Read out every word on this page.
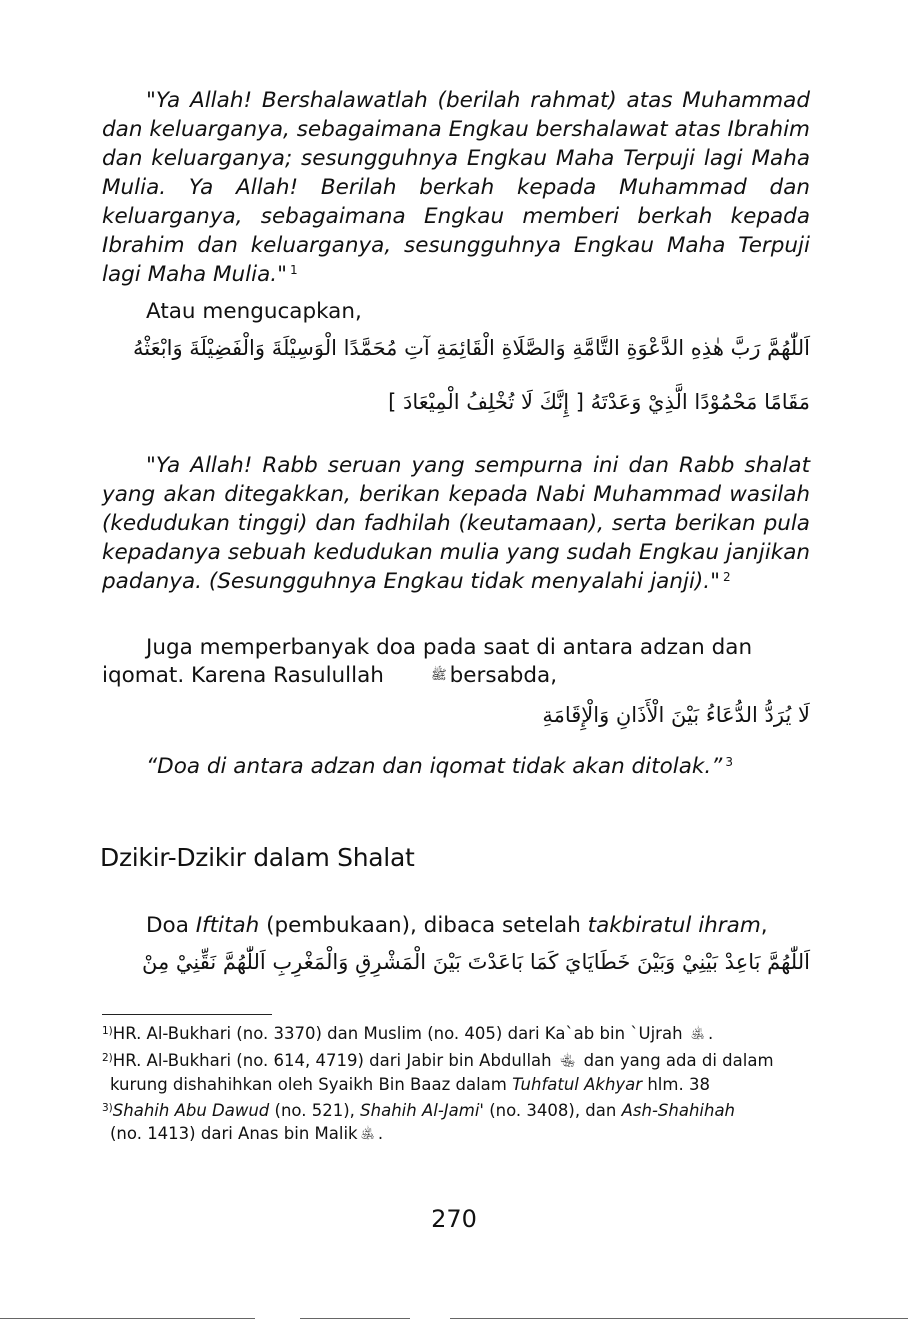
"Ya Allah! Bershalawatlah (berilah rahmat) atas Muhammad dan keluarganya, sebagaimana Engkau bershalawat atas Ibrahim dan keluarganya; sesungguhnya Engkau Maha Terpuji lagi Maha Mulia. Ya Allah! Berilah berkah kepada Muhammad dan keluarganya, sebagaimana Engkau memberi berkah kepada Ibrahim dan keluarganya, sesungguhnya Engkau Maha Terpuji lagi Maha Mulia." $^1$

Atau mengucapkan,

اَللّٰهُمَّ رَبَّ هٰذِهِ الدَّعْوَةِ التَّامَّةِ وَالصَّلَاةِ الْقَائِمَةِ آتِ مُحَمَّدًا الْوَسِيْلَةَ وَالْفَضِيْلَةَ وَابْعَثْهُ
مَقَامًا مَحْمُوْدًا الَّذِيْ وَعَدْتَهُ [ إِنَّكَ لَا تُخْلِفُ الْمِيْعَادَ ]

"Ya Allah! Rabb seruan yang sempurna ini dan Rabb shalat yang akan ditegakkan, berikan kepada Nabi Muhammad wasilah (kedudukan tinggi) dan fadhilah (keutamaan), serta berikan pula kepadanya sebuah kedudukan mulia yang sudah Engkau janjikan padanya. (Sesungguhnya Engkau tidak menyalahi janji)." $^2$

Juga memperbanyak doa pada saat di antara adzan dan iqomat. Karena Rasulullah	ﷺ bersabda,

لَا يُرَدُّ الدُّعَاءُ بَيْنَ الْأَذَانِ وَالْإِقَامَةِ

“Doa di antara adzan dan iqomat tidak akan ditolak.” $^3$

Dzikir-Dzikir dalam Shalat

Doa Iftitah (pembukaan), dibaca setelah takbiratul ihram,

اَللّٰهُمَّ بَاعِدْ بَيْنِيْ وَبَيْنَ خَطَايَايَ كَمَا بَاعَدْتَ بَيْنَ الْمَشْرِقِ وَالْمَغْرِبِ اَللّٰهُمَّ نَقِّنِيْ مِنْ

$^{1)}$HR. Al-Bukhari (no. 3370) dan Muslim (no. 405) dari Ka`ab bin `Ujrah ﵁ .

$^{2)}$HR. Al-Bukhari (no. 614, 4719) dari Jabir bin Abdullah ﵄ dan yang ada di dalam
kurung dishahihkan oleh Syaikh Bin Baaz dalam Tuhfatul Akhyar hlm. 38

$^{3)}$Shahih Abu Dawud (no. 521), Shahih Al-Jami' (no. 3408), dan Ash-Shahihah
(no. 1413) dari Anas bin Malik ﵁ .

270
